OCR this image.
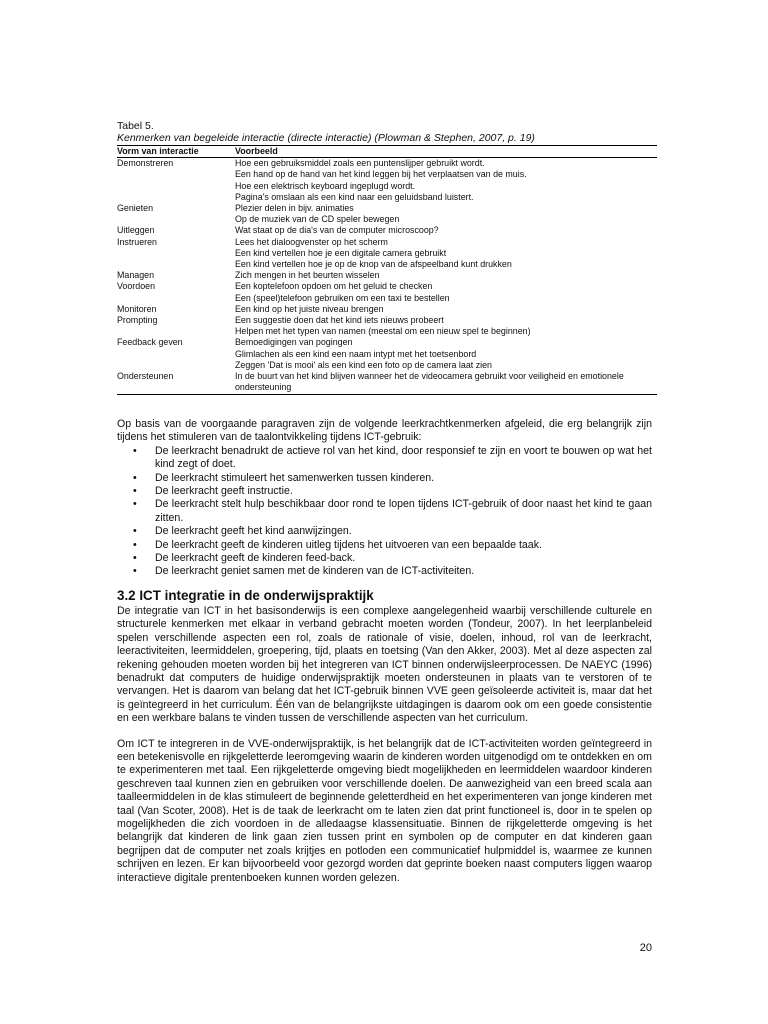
Tabel 5.
Kenmerken van begeleide interactie (directe interactie) (Plowman & Stephen, 2007, p. 19)
Vorm van interactie	Voorbeeld
Demonstreren	Hoe een gebruiksmiddel zoals een puntenslijper gebruikt wordt.
Een hand op de hand van het kind leggen bij het verplaatsen van de muis.
Hoe een elektrisch keyboard ingeplugd wordt.
Pagina's omslaan als een kind naar een geluidsband luistert.

Genieten	Plezier delen in bijv. animaties
Op de muziek van de CD speler bewegen

Uitleggen	Wat staat op de dia's van de computer microscoop?

Instrueren	Lees het dialoogvenster op het scherm
Een kind vertellen hoe je een digitale camera gebruikt
Een kind vertellen hoe je op de knop van de afspeelband kunt drukken

Managen	Zich mengen in het beurten wisselen

Voordoen	Een koptelefoon opdoen om het geluid te checken
Een (speel)telefoon gebruiken om een taxi te bestellen

Monitoren	Een kind op het juiste niveau brengen

Prompting	Een suggestie doen dat het kind iets nieuws probeert
Helpen met het typen van namen (meestal om een nieuw spel te beginnen)

Feedback geven	Bemoedigingen van pogingen
Glimlachen als een kind een naam intypt met het toetsenbord
Zeggen 'Dat is mooi' als een kind een foto op de camera laat zien

Ondersteunen	In de buurt van het kind blijven wanneer het de videocamera gebruikt voor veiligheid en emotionele ondersteuning

Op basis van de voorgaande paragraven zijn de volgende leerkrachtkenmerken afgeleid, die erg belangrijk zijn tijdens het stimuleren van de taalontvikkeling tijdens ICT-gebruik:

• De leerkracht benadrukt de actieve rol van het kind, door responsief te zijn en voort te bouwen op wat het kind zegt of doet.
• De leerkracht stimuleert het samenwerken tussen kinderen.
• De leerkracht geeft instructie.
• De leerkracht stelt hulp beschikbaar door rond te lopen tijdens ICT-gebruik of door naast het kind te gaan zitten.
• De leerkracht geeft het kind aanwijzingen.
• De leerkracht geeft de kinderen uitleg tijdens het uitvoeren van een bepaalde taak.
• De leerkracht geeft de kinderen feed-back.
• De leerkracht geniet samen met de kinderen van de ICT-activiteiten.
3.2 ICT integratie in de onderwijspraktijk

De integratie van ICT in het basisonderwijs is een complexe aangelegenheid waarbij verschillende culturele en structurele kenmerken met elkaar in verband gebracht moeten worden (Tondeur, 2007). In het leerplanbeleid spelen verschillende aspecten een rol, zoals de rationale of visie, doelen, inhoud, rol van de leerkracht, leeractiviteiten, leermiddelen, groepering, tijd, plaats en toetsing (Van den Akker, 2003). Met al deze aspecten zal rekening gehouden moeten worden bij het integreren van ICT binnen onderwijsleerprocessen. De NAEYC (1996) benadrukt dat computers de huidige onderwijspraktijk moeten ondersteunen in plaats van te verstoren of te vervangen. Het is daarom van belang dat het ICT-gebruik binnen VVE geen geïsoleerde activiteit is, maar dat het is geïntegreerd in het curriculum. Één van de belangrijkste uitdagingen is daarom ook om een goede consistentie en een werkbare balans te vinden tussen de verschillende aspecten van het curriculum.

Om ICT te integreren in de VVE-onderwijspraktijk, is het belangrijk dat de ICT-activiteiten worden geïntegreerd in een betekenisvolle en rijkgeletterde leeromgeving waarin de kinderen worden uitgenodigd om te ontdekken en om te experimenteren met taal. Een rijkgeletterde omgeving biedt mogelijkheden en leermiddelen waardoor kinderen geschreven taal kunnen zien en gebruiken voor verschillende doelen. De aanwezigheid van een breed scala aan taalleermiddelen in de klas stimuleert de beginnende geletterdheid en het experimenteren van jonge kinderen met taal (Van Scoter, 2008). Het is de taak de leerkracht om te laten zien dat print functioneel is, door in te spelen op mogelijkheden die zich voordoen in de alledaagse klassensituatie. Binnen de rijkgeletterde omgeving is het belangrijk dat kinderen de link gaan zien tussen print en symbolen op de computer en dat kinderen gaan begrijpen dat de computer net zoals krijtjes en potloden een communicatief hulpmiddel is, waarmee ze kunnen schrijven en lezen. Er kan bijvoorbeeld voor gezorgd worden dat geprinte boeken naast computers liggen waarop interactieve digitale prentenboeken kunnen worden gelezen.

20
